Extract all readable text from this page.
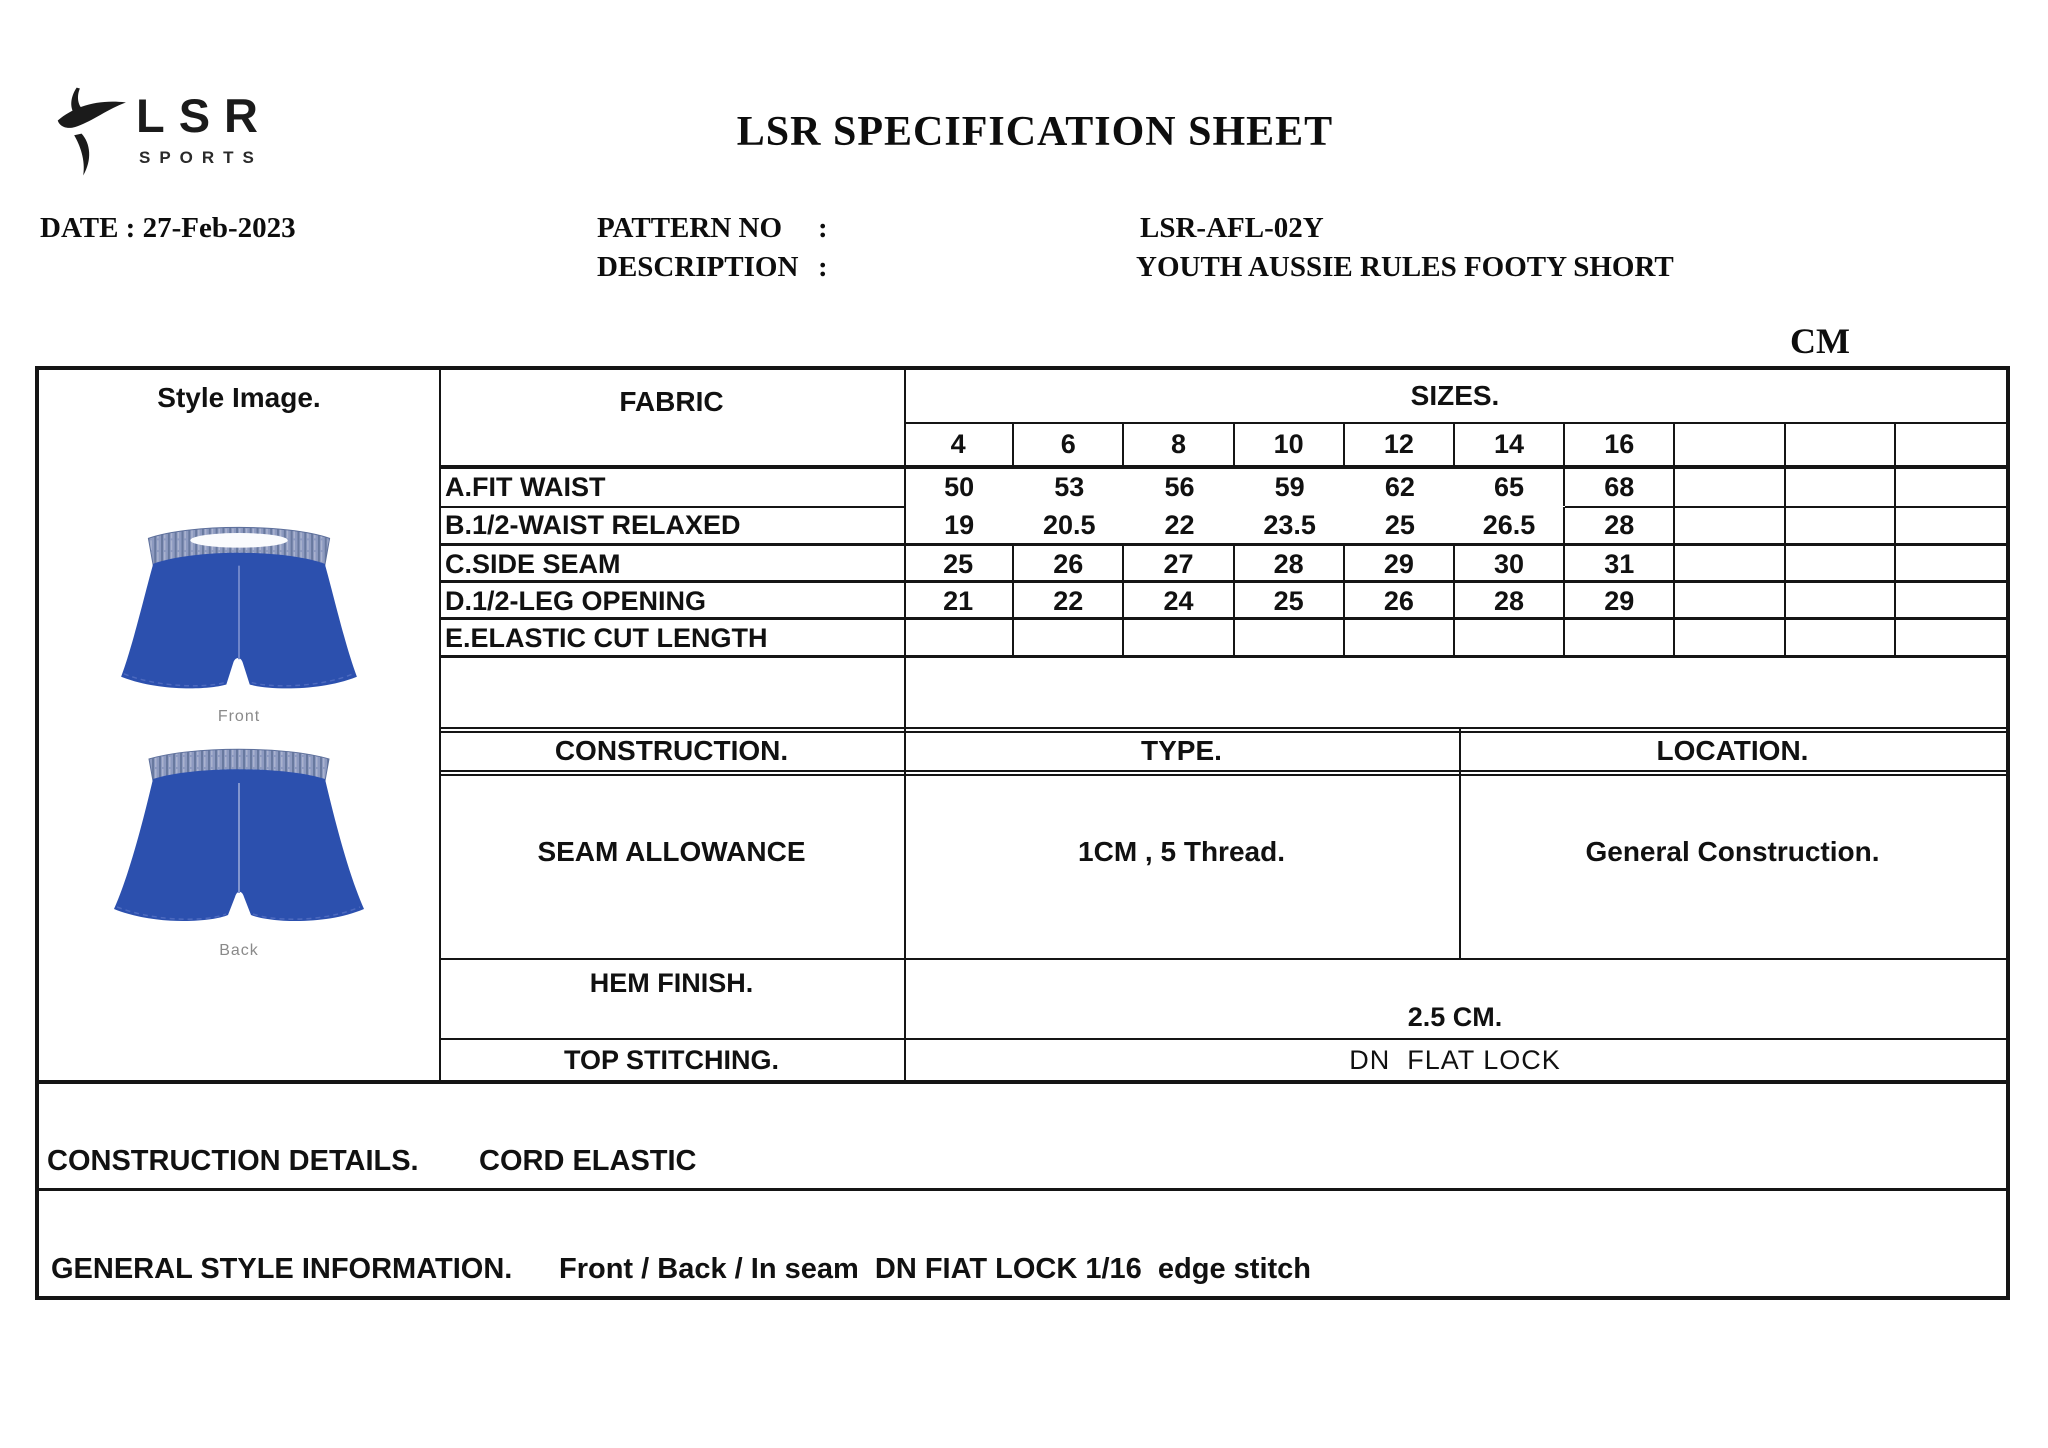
LSR
SPORTS
LSR SPECIFICATION SHEET
DATE : 27-Feb-2023	PATTERN NO :	LSR-AFL-02Y
DESCRIPTION :	YOUTH AUSSIE RULES FOOTY SHORT
CM
Style Image.
Front
Back
FABRIC	SIZES.
4	6	8	10	12	14	16
A.FIT WAIST	50	53	56	59	62	65	68
B.1/2-WAIST RELAXED	19	20.5	22	23.5	25	26.5	28
C.SIDE SEAM	25	26	27	28	29	30	31
D.1/2-LEG OPENING	21	22	24	25	26	28	29
E.ELASTIC CUT LENGTH
CONSTRUCTION.	TYPE.	LOCATION.
SEAM ALLOWANCE	1CM , 5 Thread.	General Construction.
HEM FINISH.
2.5 CM.
TOP STITCHING.	DN  FLAT LOCK
CONSTRUCTION DETAILS. CORD ELASTIC
GENERAL STYLE INFORMATION. Front / Back / In seam  DN FIAT LOCK 1/16  edge stitch
